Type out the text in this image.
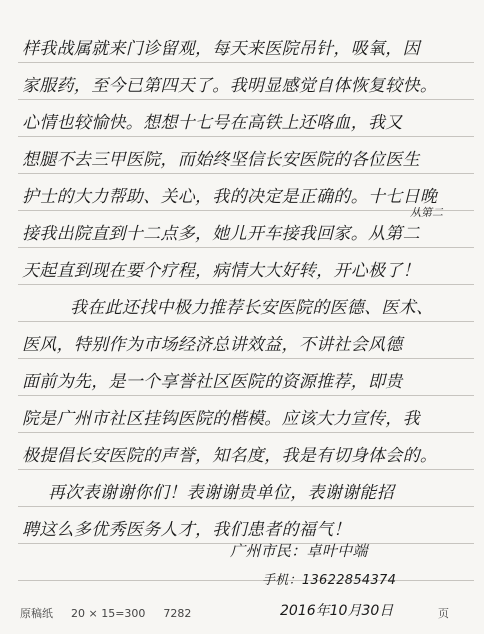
样我战属就来门诊留观，每天来医院吊针，吸氧，因
家服药，至今已第四天了。我明显感觉自体恢复较快。
心情也较愉快。想想十七号在高铁上还咯血，我又
想腿不去三甲医院，而始终坚信长安医院的各位医生
护士的大力帮助、关心，我的决定是正确的。十七日晚
接我出院直到十二点多，她儿开车接我回家。从第二
从第二
天起直到现在要个疗程，病情大大好转，开心极了！
我在此还找中极力推荐长安医院的医德、医术、
医风，特别作为市场经济总讲效益，不讲社会风德
面前为先，是一个享誉社区医院的资源推荐，即贵
院是广州市社区挂钩医院的楷模。应该大力宣传，我
极提倡长安医院的声誉，知名度，我是有切身体会的。
再次表谢谢你们！表谢谢贵单位，表谢谢能招
聘这么多优秀医务人才，我们患者的福气！
广州市民：卓叶中端
手机：13622854374
原稿纸 20 × 15=300 7282	2016年10月30日	页
